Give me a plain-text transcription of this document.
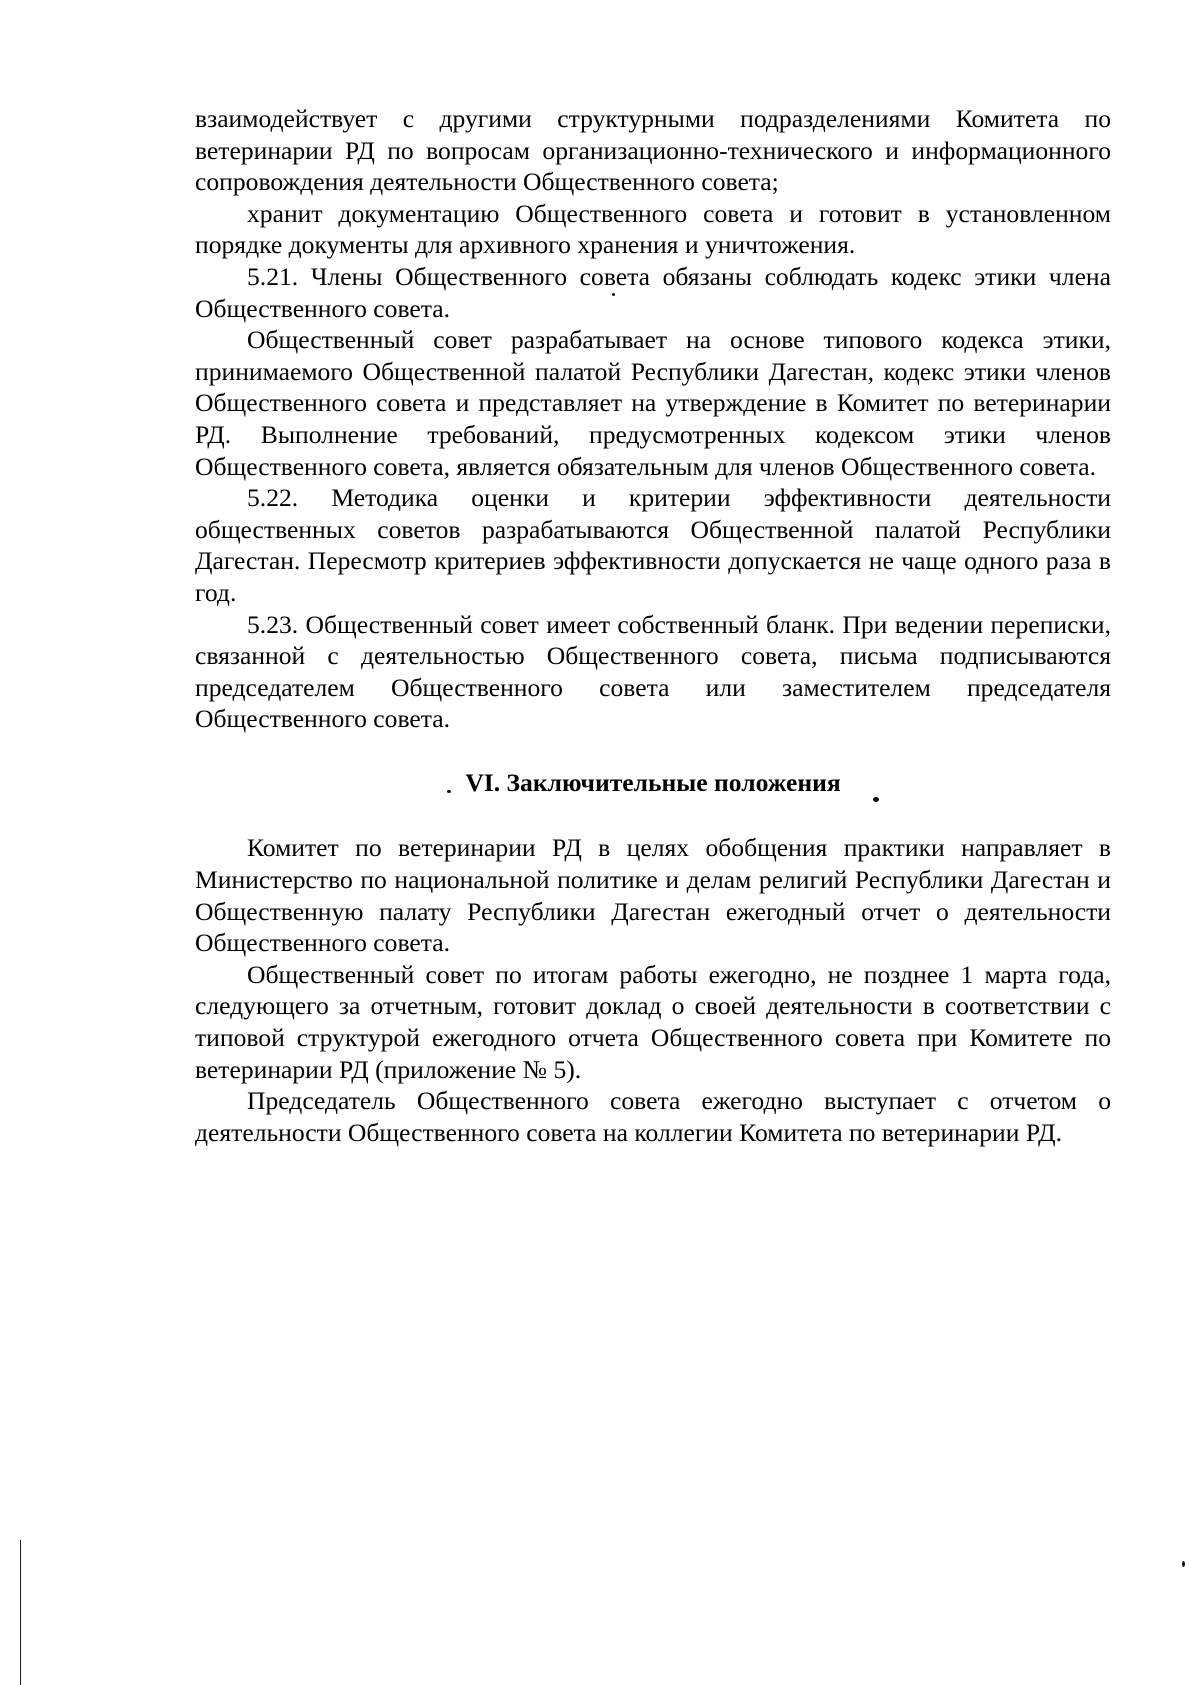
взаимодействует с другими структурными подразделениями Комитета по ветеринарии РД по вопросам организационно-технического и информационного сопровождения деятельности Общественного совета;

хранит документацию Общественного совета и готовит в установленном порядке документы для архивного хранения и уничтожения.

5.21. Члены Общественного совета обязаны соблюдать кодекс этики члена Общественного совета.

Общественный совет разрабатывает на основе типового кодекса этики, принимаемого Общественной палатой Республики Дагестан, кодекс этики членов Общественного совета и представляет на утверждение в Комитет по ветеринарии РД. Выполнение требований, предусмотренных кодексом этики членов Общественного совета, является обязательным для членов Общественного совета.

5.22. Методика оценки и критерии эффективности деятельности общественных советов разрабатываются Общественной палатой Республики Дагестан. Пересмотр критериев эффективности допускается не чаще одного раза в год.

5.23. Общественный совет имеет собственный бланк. При ведении переписки, связанной с деятельностью Общественного совета, письма подписываются председателем Общественного совета или заместителем председателя Общественного совета.

VI. Заключительные положения

Комитет по ветеринарии РД в целях обобщения практики направляет в Министерство по национальной политике и делам религий Республики Дагестан и Общественную палату Республики Дагестан ежегодный отчет о деятельности Общественного совета.

Общественный совет по итогам работы ежегодно, не позднее 1 марта года, следующего за отчетным, готовит доклад о своей деятельности в соответствии с типовой структурой ежегодного отчета Общественного совета при Комитете по ветеринарии РД (приложение № 5).

Председатель Общественного совета ежегодно выступает с отчетом о деятельности Общественного совета на коллегии Комитета по ветеринарии РД.
